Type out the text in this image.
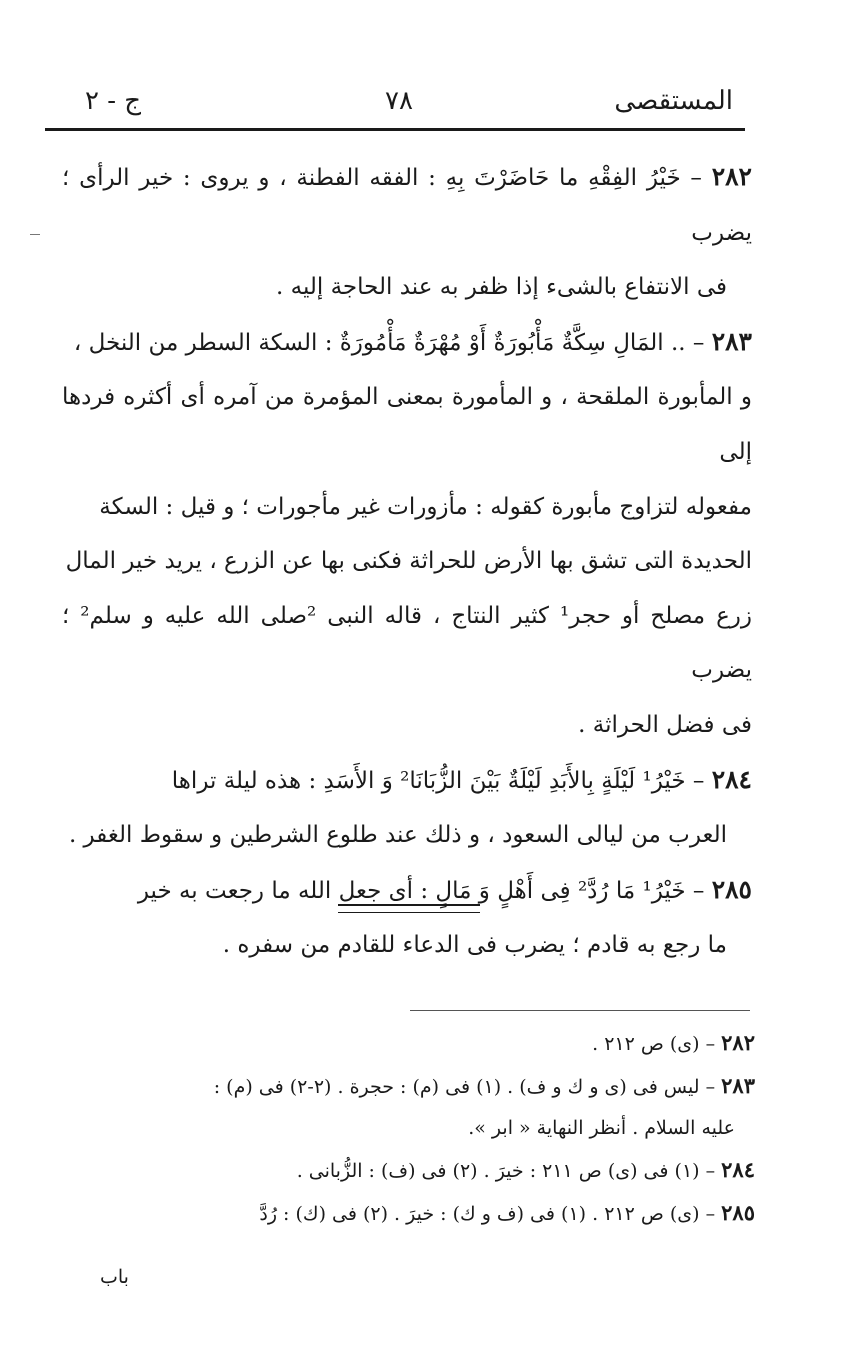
المستقصى
٧٨
ج - ٢

٢٨٢ – خَيْرُ الفِقْهِ ما حَاضَرْتَ بِهِ : الفقه الفطنة ، و يروى : خير الرأى ؛ يضرب

فى الانتفاع بالشىء إذا ظفر به عند الحاجة إليه .

٢٨٣ – .. المَالِ سِكَّةٌ مَأْبُورَةٌ أَوْ مُهْرَةٌ مَأْمُورَةٌ : السكة السطر من النخل ،

و المأبورة الملقحة ، و المأمورة بمعنى المؤمرة من آمره أى أكثره فردها إلى

مفعوله لتزاوج مأبورة كقوله : مأزورات غير مأجورات ؛ و قيل : السكة

الحديدة التى تشق بها الأرض للحراثة فكنى بها عن الزرع ، يريد خير المال

زرع مصلح أو حجر¹ كثير النتاج ، قاله النبى ²صلى الله عليه و سلم² ؛ يضرب

فى فضل الحراثة .

٢٨٤ – خَيْرُ¹ لَيْلَةٍ بِالأَبَدِ لَيْلَةٌ بَيْنَ الزُّبَانَا² وَ الأَسَدِ : هذه ليلة تراها

العرب من ليالى السعود ، و ذلك عند طلوع الشرطين و سقوط الغفر .

٢٨٥ – خَيْرُ¹ مَا رُدَّ² فِى أَهْلٍ وَ مَالٍ : أى جعل الله ما رجعت به خير

ما رجع به قادم ؛ يضرب فى الدعاء للقادم من سفره .

٢٨٢ – (ى) ص ٢١٢ .

٢٨٣ – ليس فى (ى و ك و ف) . (١) فى (م) : حجرة . (٢-٢) فى (م) :

عليه السلام . أنظر النهاية « ابر ».

٢٨٤ – (١) فى (ى) ص ٢١١ : خيرَ . (٢) فى (ف) : الزُّبانى .

٢٨٥ – (ى) ص ٢١٢ . (١) فى (ف و ك) : خيرَ . (٢) فى (ك) : رُدَّ

باب
